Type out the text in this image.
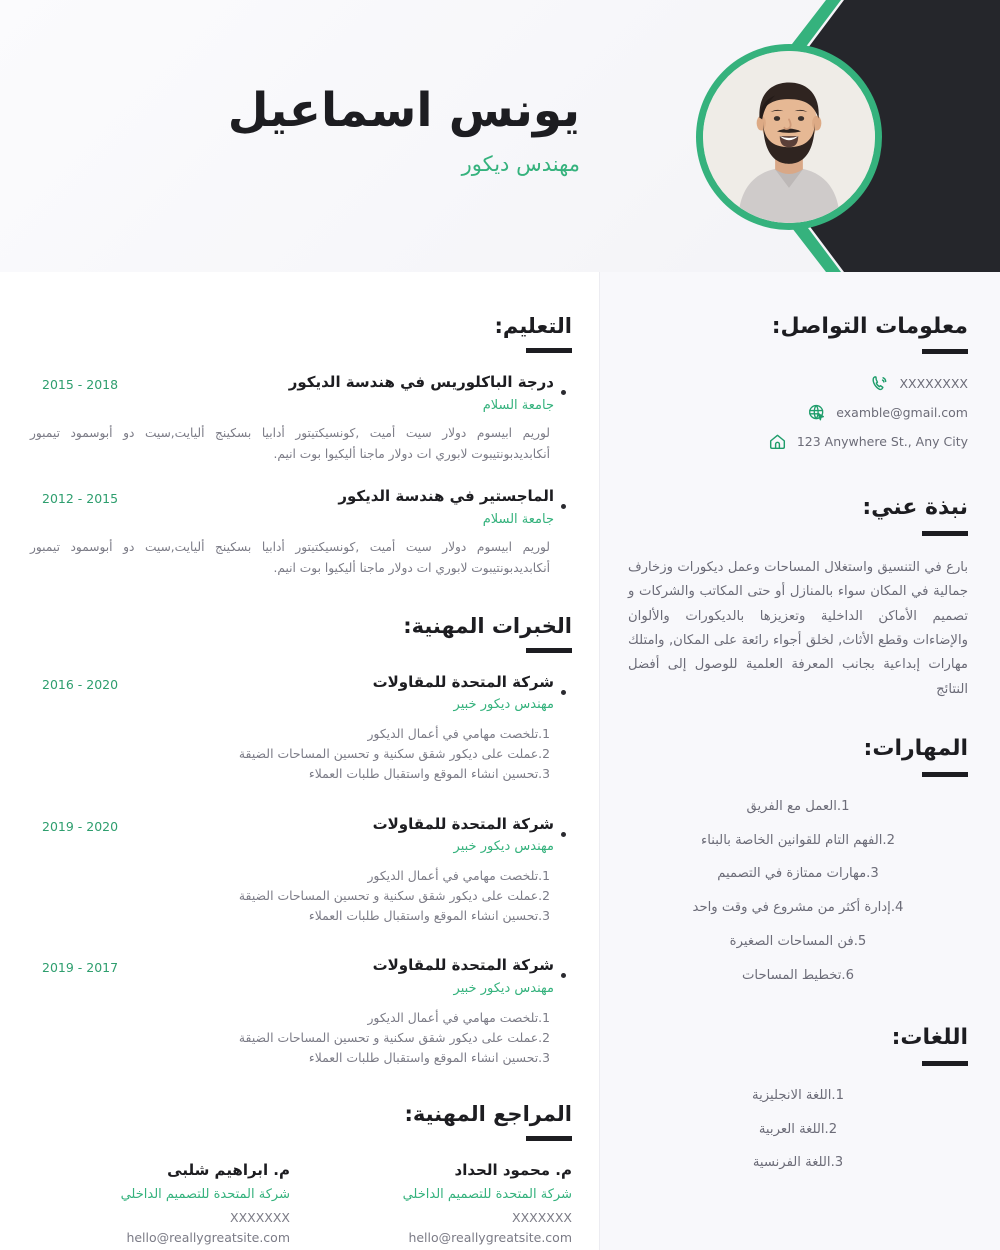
يونس اسماعيل
مهندس ديكور
معلومات التواصل:
XXXXXXXX
examble@gmail.com
123 Anywhere St., Any City
نبذة عني:

بارع في التنسيق واستغلال المساحات وعمل ديكورات وزخارف جمالية في المكان سواء بالمنازل أو حتى المكاتب والشركات و تصميم الأماكن الداخلية وتعزيزها بالديكورات والألوان والإضاءات وقطع الأثاث, لخلق أجواء رائعة على المكان, وامتلك مهارات إبداعية بجانب المعرفة العلمية للوصول إلى أفضل النتائج

المهارات:
1.العمل مع الفريق
2.الفهم التام للقوانين الخاصة بالبناء
3.مهارات ممتازة في التصميم
4.إدارة أكثر من مشروع في وقت واحد
5.فن المساحات الصغيرة
6.تخطيط المساحات
اللغات:
1.اللغة الانجليزية
2.اللغة العربية
3.اللغة الفرنسية
التعليم:
درجة الباكلوريس في هندسة الديكور
جامعة السلام
2015 - 2018

لوريم ابيسوم دولار سيت أميت ,كونسيكتيتور أدابيا بسكينج أليايت,سيت دو أبوسمود تيمبور أنكابديدبونتيبوت لابوري ات دولار ماجنا أليكيوا بوت انيم.

الماجستير في هندسة الديكور
جامعة السلام
2012 - 2015

لوريم ابيسوم دولار سيت أميت ,كونسيكتيتور أدابيا بسكينج أليايت,سيت دو أبوسمود تيمبور أنكابديدبونتيبوت لابوري ات دولار ماجنا أليكيوا بوت انيم.

الخبرات المهنية:
شركة المتحدة للمقاولات
مهندس ديكور خبير
2016 - 2020
1.تلخصت مهامي في أعمال الديكور
2.عملت على ديكور شقق سكنية و تحسين المساحات الضيقة
3.تحسين انشاء الموقع واستقبال طلبات العملاء
شركة المتحدة للمقاولات
مهندس ديكور خبير
2019 - 2020
1.تلخصت مهامي في أعمال الديكور
2.عملت على ديكور شقق سكنية و تحسين المساحات الضيقة
3.تحسين انشاء الموقع واستقبال طلبات العملاء
شركة المتحدة للمقاولات
مهندس ديكور خبير
2019 - 2017
1.تلخصت مهامي في أعمال الديكور
2.عملت على ديكور شقق سكنية و تحسين المساحات الضيقة
3.تحسين انشاء الموقع واستقبال طلبات العملاء
المراجع المهنية:
م. محمود الحداد
شركة المتحدة للتصميم الداخلي
XXXXXXX
hello@reallygreatsite.com
م. ابراهيم شلبى
شركة المتحدة للتصميم الداخلي
XXXXXXX
hello@reallygreatsite.com
